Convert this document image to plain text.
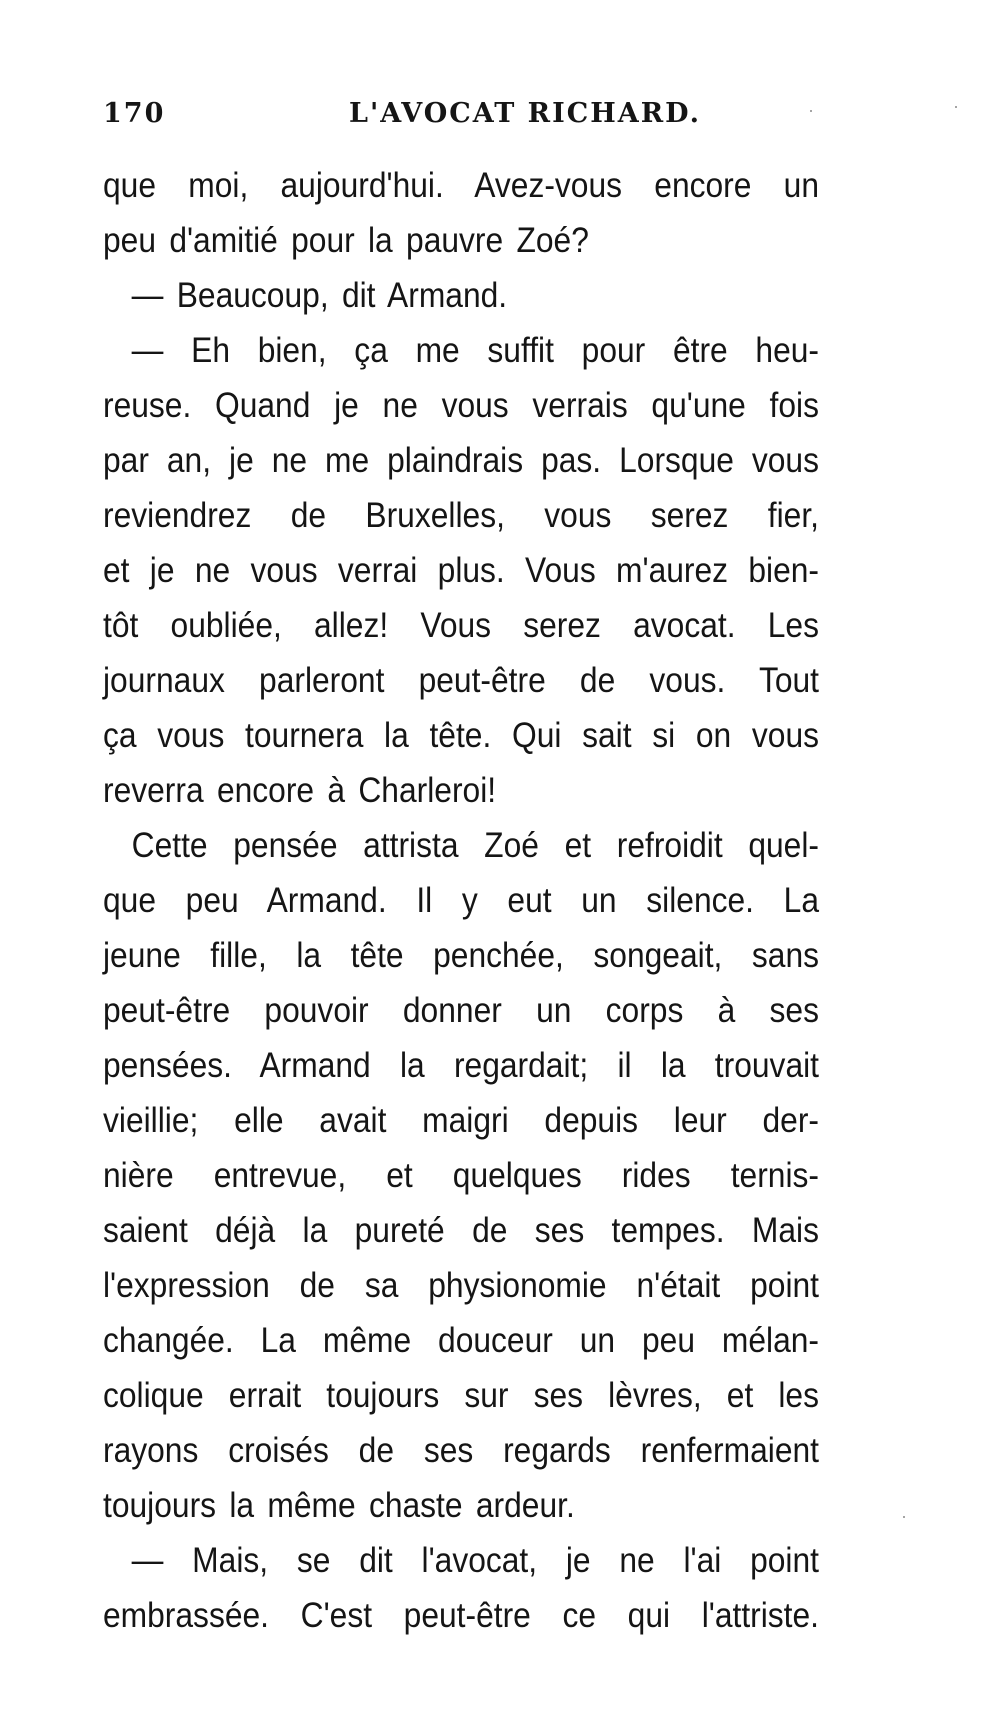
170	L'AVOCAT RICHARD.
que moi, aujourd'hui. Avez-vous encore un
peu d'amitié pour la pauvre Zoé?
— Beaucoup, dit Armand.
— Eh bien, ça me suffit pour être heu-
reuse. Quand je ne vous verrais qu'une fois
par an, je ne me plaindrais pas. Lorsque vous
reviendrez de Bruxelles, vous serez fier,
et je ne vous verrai plus. Vous m'aurez bien-
tôt oubliée, allez! Vous serez avocat. Les
journaux parleront peut-être de vous. Tout
ça vous tournera la tête. Qui sait si on vous
reverra encore à Charleroi!
Cette pensée attrista Zoé et refroidit quel-
que peu Armand. Il y eut un silence. La
jeune fille, la tête penchée, songeait, sans
peut-être pouvoir donner un corps à ses
pensées. Armand la regardait; il la trouvait
vieillie; elle avait maigri depuis leur der-
nière entrevue, et quelques rides ternis-
saient déjà la pureté de ses tempes. Mais
l'expression de sa physionomie n'était point
changée. La même douceur un peu mélan-
colique errait toujours sur ses lèvres, et les
rayons croisés de ses regards renfermaient
toujours la même chaste ardeur.
— Mais, se dit l'avocat, je ne l'ai point
embrassée. C'est peut-être ce qui l'attriste.
